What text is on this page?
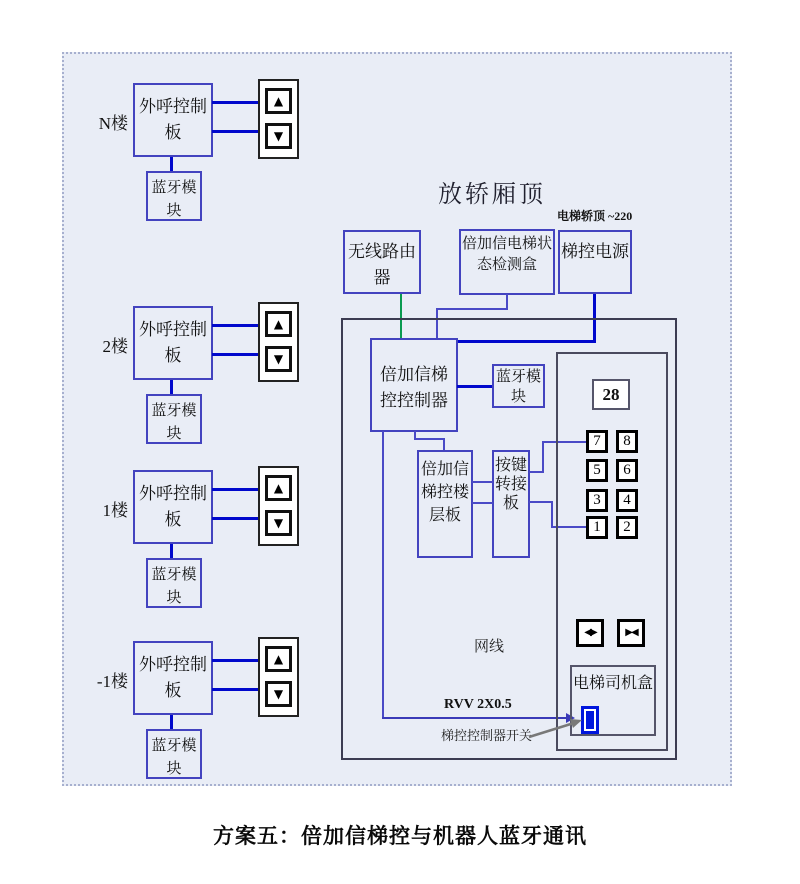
N楼
外呼控制板
▲
▼
蓝牙模块
2楼
外呼控制板
▲
▼
蓝牙模块
1楼
外呼控制板
▲
▼
蓝牙模块
-1楼
外呼控制板
▲
▼
蓝牙模块
放轿厢顶
电梯轿顶 ~220
无线路由器
倍加信电梯状态检测盒
梯控电源
倍加信梯控控制器
蓝牙模块
倍加信梯控楼层板
按键转接板
28
7	8
5	6
3	4
1	2
◀▶	▶◀
电梯司机盒
网线
RVV 2X0.5
梯控控制器开关
方案五：倍加信梯控与机器人蓝牙通讯
